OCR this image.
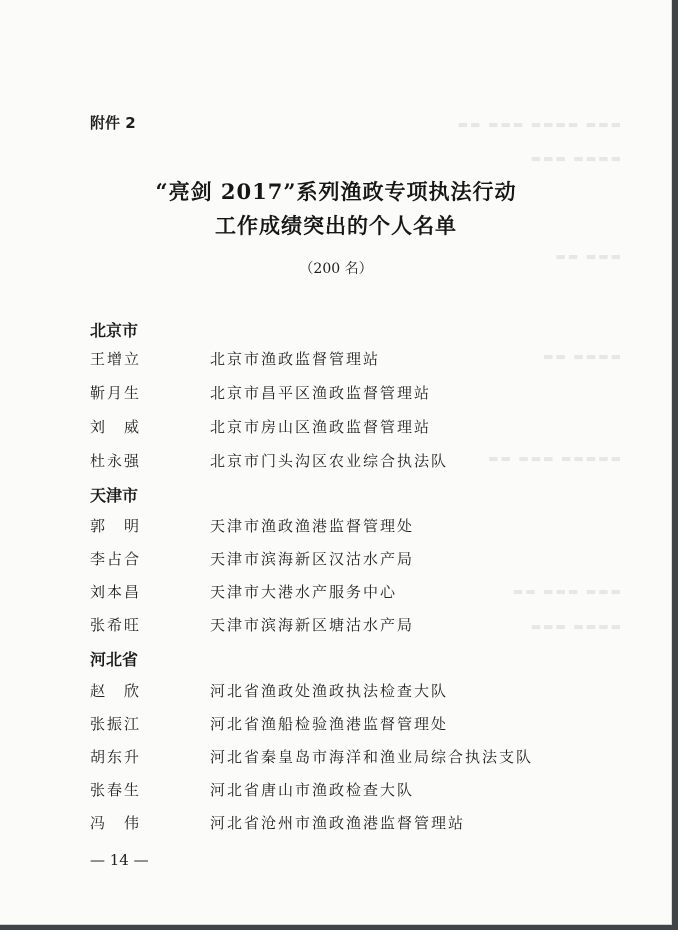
▬▬ ▬▬▬ ▬▬▬▬ ▬▬▬
▬▬▬ ▬▬▬▬
▬▬ ▬▬▬
▬▬ ▬▬▬▬
▬▬ ▬▬▬ ▬▬▬▬▬
▬▬ ▬▬▬ ▬▬▬
▬▬▬ ▬▬▬▬
附件 2
“亮剑 2017”系列渔政专项执法行动
工作成绩突出的个人名单
（200 名）
北京市
王增立	北京市渔政监督管理站
靳月生	北京市昌平区渔政监督管理站
刘　威	北京市房山区渔政监督管理站
杜永强	北京市门头沟区农业综合执法队
天津市
郭　明	天津市渔政渔港监督管理处
李占合	天津市滨海新区汉沽水产局
刘本昌	天津市大港水产服务中心
张希旺	天津市滨海新区塘沽水产局
河北省
赵　欣	河北省渔政处渔政执法检查大队
张振江	河北省渔船检验渔港监督管理处
胡东升	河北省秦皇岛市海洋和渔业局综合执法支队
张春生	河北省唐山市渔政检查大队
冯　伟	河北省沧州市渔政渔港监督管理站
— 14 —
